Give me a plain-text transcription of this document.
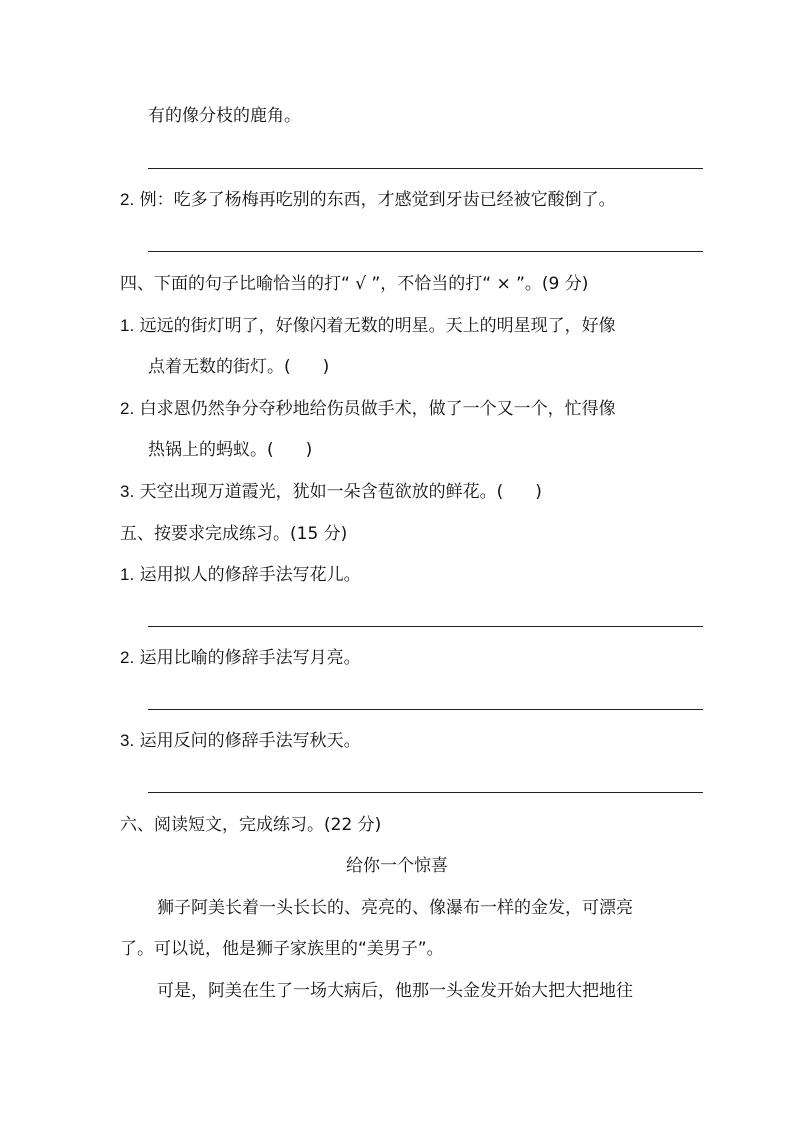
有的像分枝的鹿角。
2. 例：吃多了杨梅再吃别的东西，才感觉到牙齿已经被它酸倒了。
四、下面的句子比喻恰当的打“ √ ”，不恰当的打“ × ”。(9 分)
1. 远远的街灯明了，好像闪着无数的明星。天上的明星现了，好像
点着无数的街灯。( )
2. 白求恩仍然争分夺秒地给伤员做手术，做了一个又一个，忙得像
热锅上的蚂蚁。( )
3. 天空出现万道霞光，犹如一朵含苞欲放的鲜花。( )
五、按要求完成练习。(15 分)
1. 运用拟人的修辞手法写花儿。
2. 运用比喻的修辞手法写月亮。
3. 运用反问的修辞手法写秋天。
六、阅读短文，完成练习。(22 分)
给你一个惊喜
狮子阿美长着一头长长的、亮亮的、像瀑布一样的金发，可漂亮
了。可以说，他是狮子家族里的“美男子”。
可是，阿美在生了一场大病后，他那一头金发开始大把大把地往
